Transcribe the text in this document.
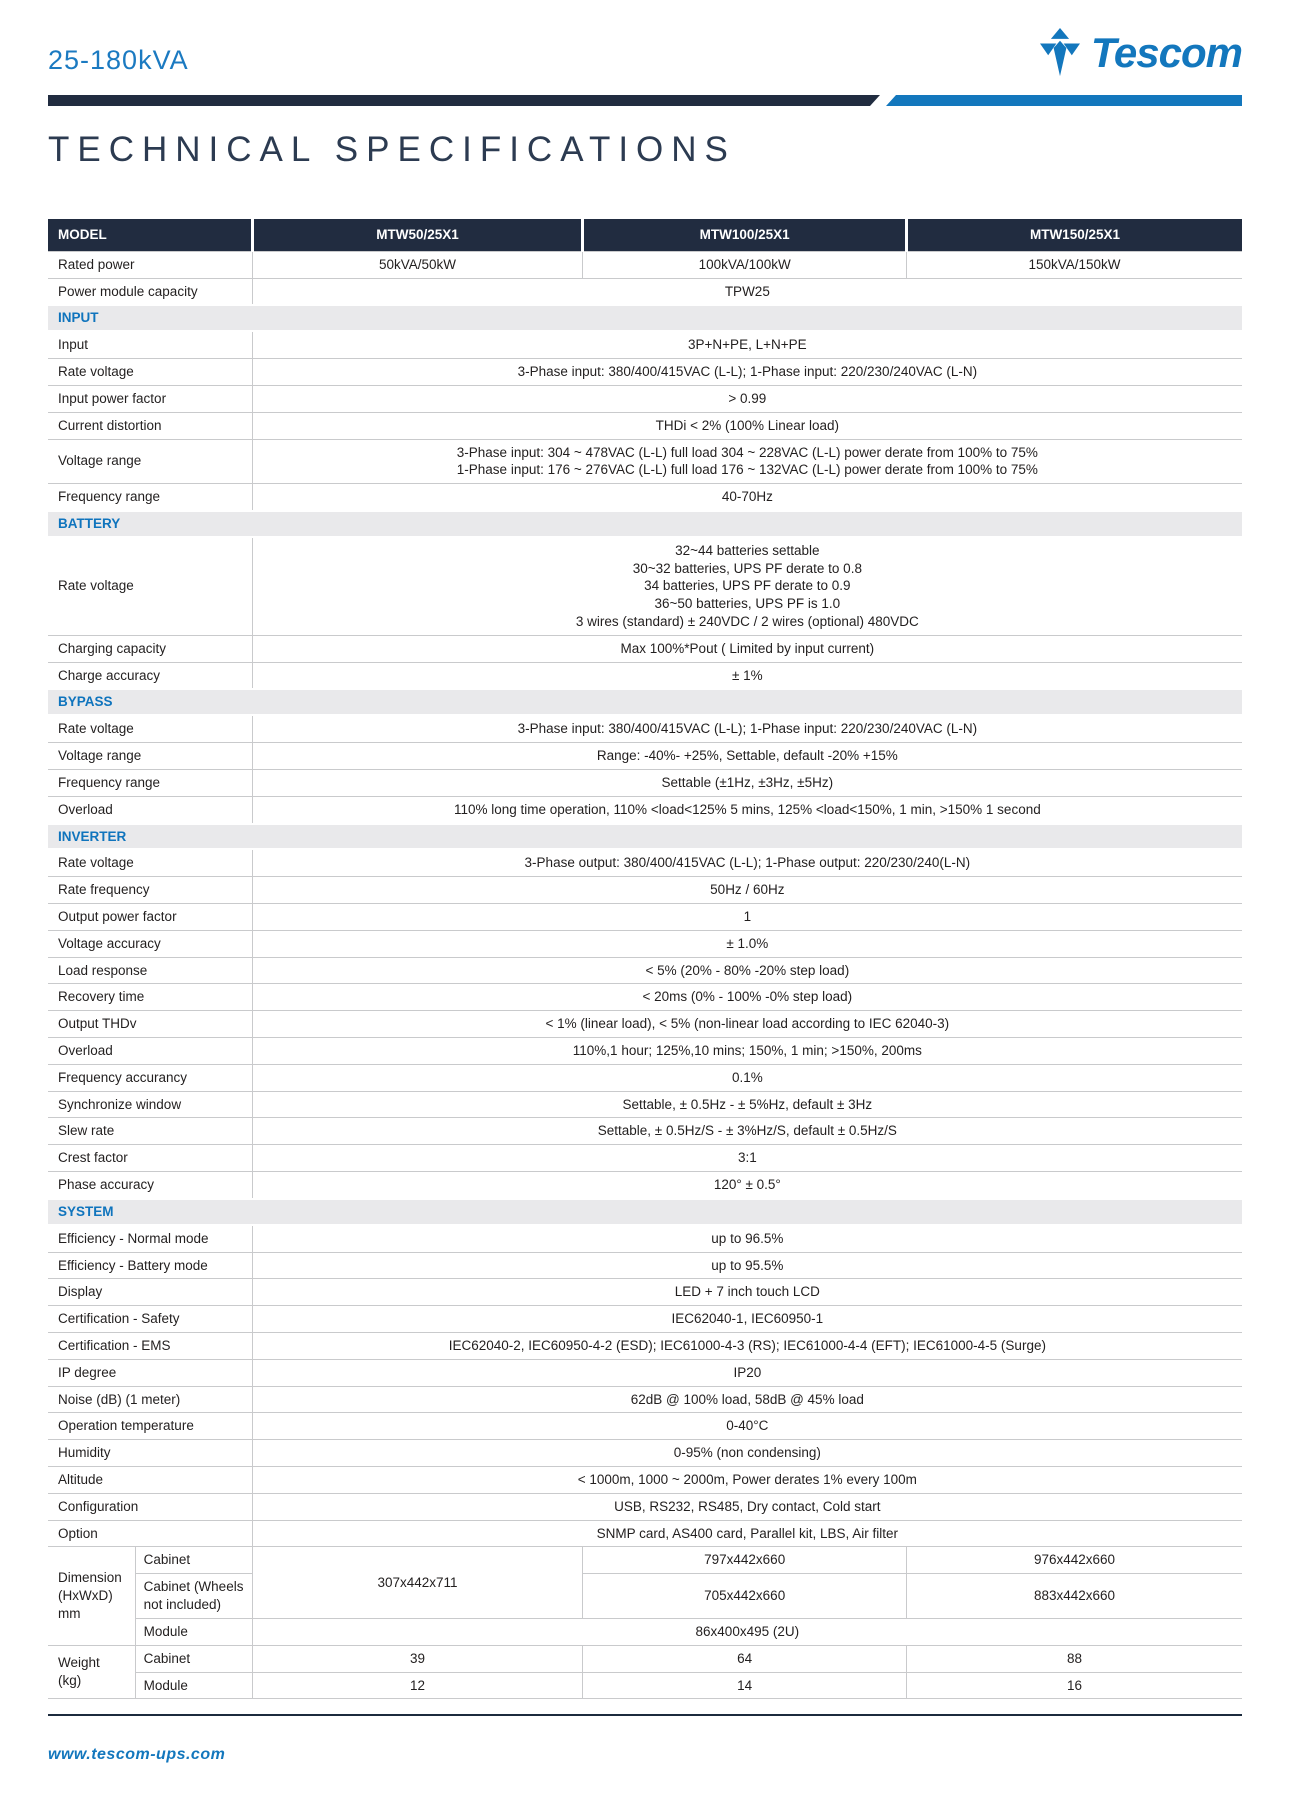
25-180kVA	Tescom
TECHNICAL SPECIFICATIONS
MODEL		MTW50/25X1	MTW100/25X1	MTW150/25X1
Rated power		50kVA/50kW	100kVA/100kW	150kVA/150kW
Power module capacity		TPW25		
INPUT				
Input		3P+N+PE, L+N+PE		
Rate voltage		3-Phase input: 380/400/415VAC (L-L); 1-Phase input: 220/230/240VAC (L-N)		
Input power factor		> 0.99		
Current distortion		THDi < 2% (100% Linear load)		
Voltage range		3-Phase input: 304 ~ 478VAC (L-L) full load 304 ~ 228VAC (L-L) power derate from 100% to 75%
1-Phase input: 176 ~ 276VAC (L-L) full load 176 ~ 132VAC (L-L) power derate from 100% to 75%		

Frequency range		40-70Hz		
BATTERY				
Rate voltage		32~44 batteries settable
30~32 batteries, UPS PF derate to 0.8
34 batteries, UPS PF derate to 0.9
36~50 batteries, UPS PF is 1.0
3 wires (standard) ± 240VDC / 2 wires (optional) 480VDC		

Charging capacity		Max 100%*Pout ( Limited by input current)		
Charge accuracy		± 1%		
BYPASS				
Rate voltage		3-Phase input: 380/400/415VAC (L-L); 1-Phase input: 220/230/240VAC (L-N)		
Voltage range		Range: -40%- +25%, Settable, default -20% +15%		
Frequency range		Settable (±1Hz, ±3Hz, ±5Hz)		
Overload		110% long time operation, 110% <load<125% 5 mins, 125% <load<150%, 1 min, >150% 1 second		
INVERTER				
Rate voltage		3-Phase output: 380/400/415VAC (L-L); 1-Phase output: 220/230/240(L-N)		
Rate frequency		50Hz / 60Hz		
Output power factor		1		
Voltage accuracy		± 1.0%		
Load response		< 5% (20% - 80% -20% step load)		
Recovery time		< 20ms (0% - 100% -0% step load)		
Output THDv		< 1% (linear load), < 5% (non-linear load according to IEC 62040-3)		
Overload		110%,1 hour; 125%,10 mins; 150%, 1 min; >150%, 200ms		
Frequency accurancy		0.1%		
Synchronize window		Settable, ± 0.5Hz - ± 5%Hz, default ± 3Hz		
Slew rate		Settable, ± 0.5Hz/S - ± 3%Hz/S, default ± 0.5Hz/S		
Crest factor		3:1		
Phase accuracy		120° ± 0.5°		
SYSTEM				
Efficiency - Normal mode		up to 96.5%		
Efficiency - Battery mode		up to 95.5%		
Display		LED + 7 inch touch LCD		
Certification - Safety		IEC62040-1, IEC60950-1		
Certification - EMS		IEC62040-2, IEC60950-4-2 (ESD); IEC61000-4-3 (RS); IEC61000-4-4 (EFT); IEC61000-4-5 (Surge)		
IP degree		IP20		
Noise (dB) (1 meter)		62dB @ 100% load, 58dB @ 45% load		
Operation temperature		0-40°C		
Humidity		0-95% (non condensing)		
Altitude		< 1000m, 1000 ~ 2000m, Power derates 1% every 100m		
Configuration		USB, RS232, RS485, Dry contact, Cold start		
Option		SNMP card, AS400 card, Parallel kit, LBS, Air filter		
Dimension
(HxWxD)
mm	Cabinet	307x442x711	797x442x660	976x442x660
	Cabinet (Wheels not included)		705x442x660	883x442x660
	Module	86x400x495 (2U)		
Weight
(kg)	Cabinet	39	64	88
	Module	12	14	16
www.tescom-ups.com
